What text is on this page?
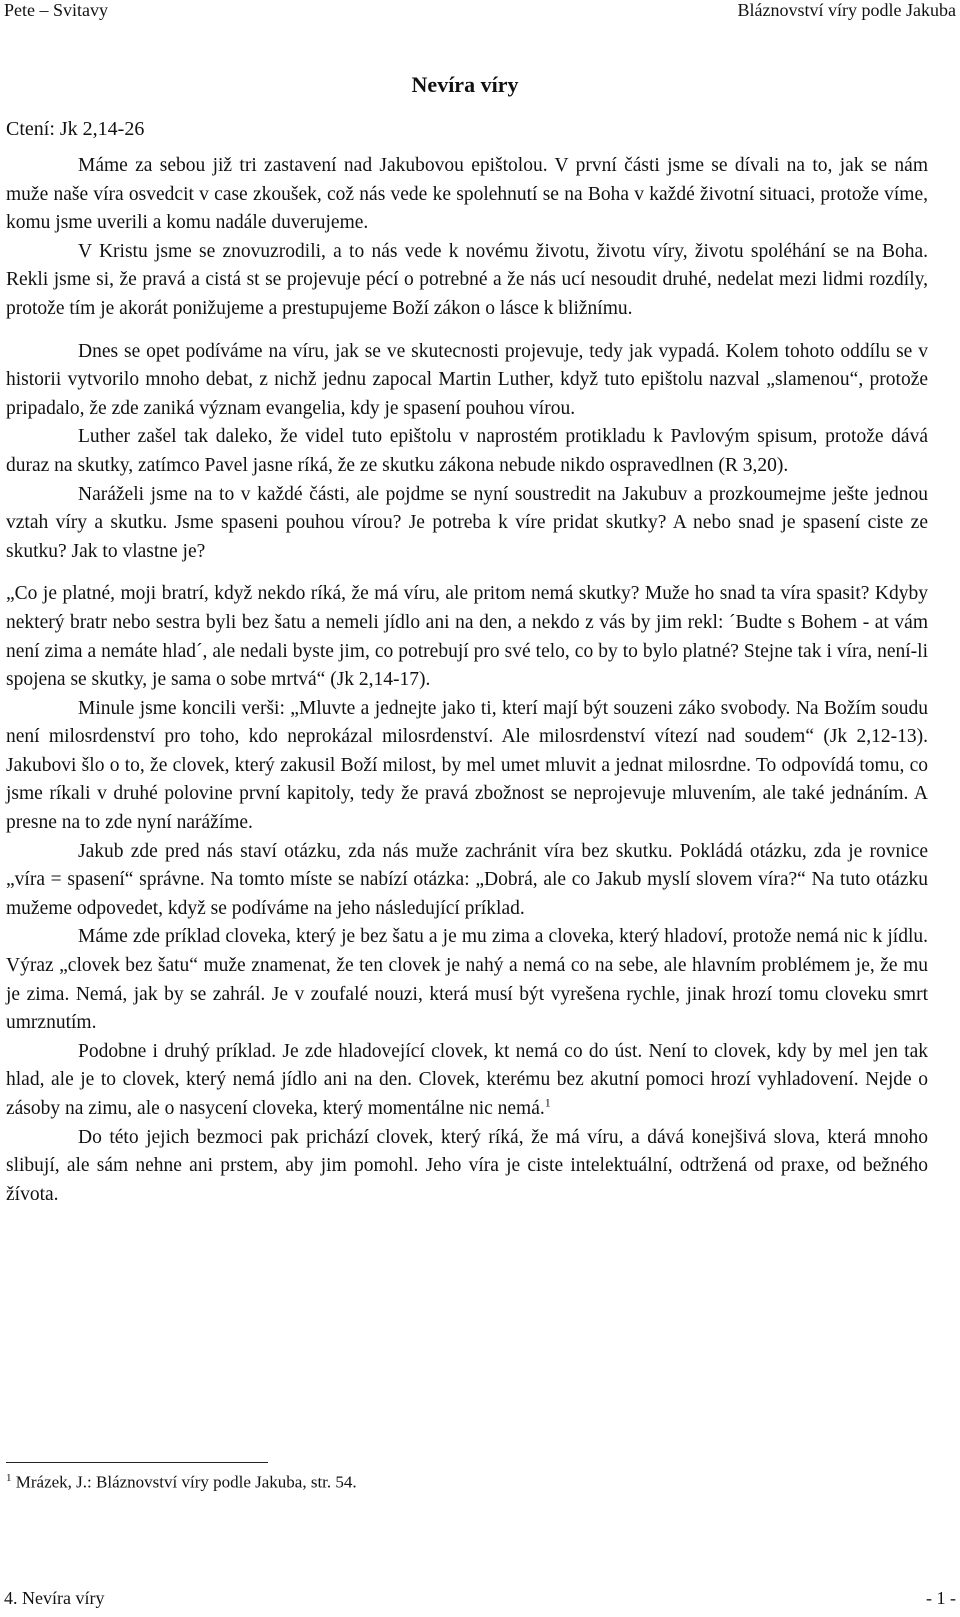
Pete – Svitavy	Bláznovství víry podle Jakuba
Nevíra víry
Ctení: Jk 2,14-26

Máme za sebou již tri zastavení nad Jakubovou epištolou. V první části jsme se dívali na to, jak se nám muže naše víra osvedcit v case zkoušek, což nás vede ke spolehnutí se na Boha v každé životní situaci, protože víme, komu jsme uverili a komu nadále duverujeme.

V Kristu jsme se znovuzrodili, a to nás vede k novému životu, životu víry, životu spoléhání se na Boha. Rekli jsme si, že pravá a cistá st se projevuje pécí o potrebné a že nás ucí nesoudit druhé, nedelat mezi lidmi rozdíly, protože tím je akorát ponižujeme a prestupujeme Boží zákon o lásce k bližnímu.

Dnes se opet podíváme na víru, jak se ve skutecnosti projevuje, tedy jak vypadá. Kolem tohoto oddílu se v historii vytvorilo mnoho debat, z nichž jednu zapocal Martin Luther, když tuto epištolu nazval „slamenou“, protože pripadalo, že zde zaniká význam evangelia, kdy je spasení pouhou vírou.

Luther zašel tak daleko, že videl tuto epištolu v naprostém protikladu k Pavlovým spisum, protože dává duraz na skutky, zatímco Pavel jasne ríká, že ze skutku zákona nebude nikdo ospravedlnen (R 3,20).

Naráželi jsme na to v každé části, ale pojdme se nyní soustredit na Jakubuv a prozkoumejme ješte jednou vztah víry a skutku. Jsme spaseni pouhou vírou? Je potreba k víre pridat skutky? A nebo snad je spasení ciste ze skutku? Jak to vlastne je?

„Co je platné, moji bratrí, když nekdo ríká, že má víru, ale pritom nemá skutky? Muže ho snad ta víra spasit? Kdyby nekterý bratr nebo sestra byli bez šatu a nemeli jídlo ani na den, a nekdo z vás by jim rekl: ´Budte s Bohem - at vám není zima a nemáte hlad´, ale nedali byste jim, co potrebují pro své telo, co by to bylo platné? Stejne tak i víra, není-li spojena se skutky, je sama o sobe mrtvá“ (Jk 2,14-17).

Minule jsme koncili verši: „Mluvte a jednejte jako ti, kterí mají být souzeni záko svobody. Na Božím soudu není milosrdenství pro toho, kdo neprokázal milosrdenství. Ale milosrdenství vítezí nad soudem“ (Jk 2,12-13). Jakubovi šlo o to, že clovek, který zakusil Boží milost, by mel umet mluvit a jednat milosrdne. To odpovídá tomu, co jsme ríkali v druhé polovine první kapitoly, tedy že pravá zbožnost se neprojevuje mluvením, ale také jednáním. A presne na to zde nyní narážíme.

Jakub zde pred nás staví otázku, zda nás muže zachránit víra bez skutku. Pokládá otázku, zda je rovnice „víra = spasení“ správne. Na tomto míste se nabízí otázka: „Dobrá, ale co Jakub myslí slovem víra?“ Na tuto otázku mužeme odpovedet, když se podíváme na jeho následující príklad.

Máme zde príklad cloveka, který je bez šatu a je mu zima a cloveka, který hladoví, protože nemá nic k jídlu. Výraz „clovek bez šatu“ muže znamenat, že ten clovek je nahý a nemá co na sebe, ale hlavním problémem je, že mu je zima. Nemá, jak by se zahrál. Je v zoufalé nouzi, která musí být vyrešena rychle, jinak hrozí tomu cloveku smrt umrznutím.

Podobne i druhý príklad. Je zde hladovející clovek, kt nemá co do úst. Není to clovek, kdy by mel jen tak hlad, ale je to clovek, který nemá jídlo ani na den. Clovek, kterému bez akutní pomoci hrozí vyhladovení. Nejde o zásoby na zimu, ale o nasycení cloveka, který momentálne nic nemá.$^1$

Do této jejich bezmoci pak prichází clovek, který ríká, že má víru, a dává konejšivá slova, která mnoho slibují, ale sám nehne ani prstem, aby jim pomohl. Jeho víra je ciste intelektuální, odtržená od praxe, od bežného žívota.

$^1$ Mrázek, J.: Bláznovství víry podle Jakuba, str. 54.
4. Nevíra víry	- 1 -
